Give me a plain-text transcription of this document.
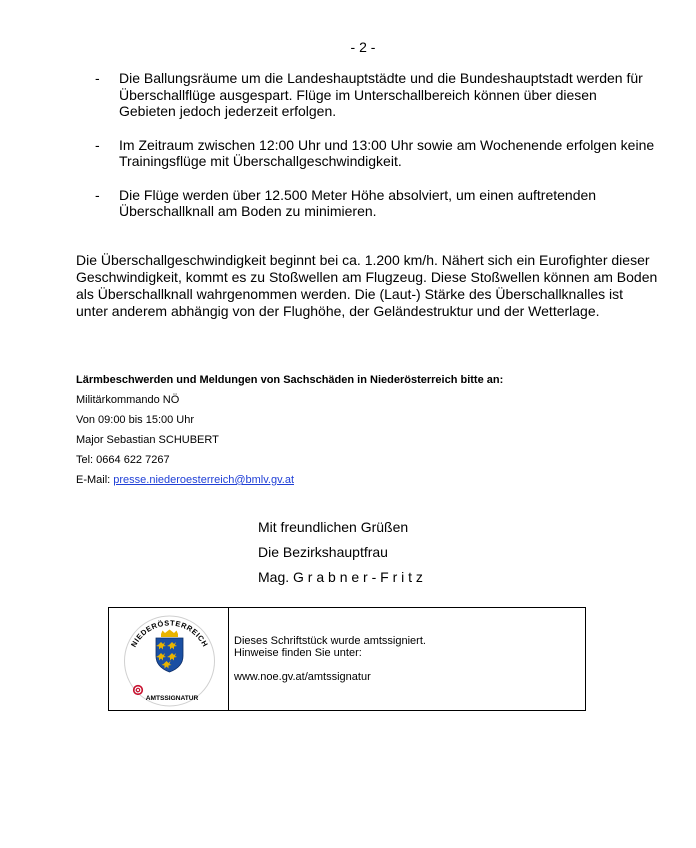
- 2 -
-	Die Ballungsräume um die Landeshauptstädte und die Bundeshauptstadt werden für Überschallflüge ausgespart. Flüge im Unterschallbereich können über diesen Gebieten jedoch jederzeit erfolgen.
-	Im Zeitraum zwischen 12:00 Uhr und 13:00 Uhr sowie am Wochenende erfolgen keine Trainingsflüge mit Überschallgeschwindigkeit.
-	Die Flüge werden über 12.500 Meter Höhe absolviert, um einen auftretenden Überschallknall am Boden zu minimieren.

Die Überschallgeschwindigkeit beginnt bei ca. 1.200 km/h. Nähert sich ein Eurofighter dieser Geschwindigkeit, kommt es zu Stoßwellen am Flugzeug. Diese Stoßwellen können am Boden als Überschallknall wahrgenommen werden. Die (Laut-) Stärke des Überschallknalles ist unter anderem abhängig von der Flughöhe, der Geländestruktur und der Wetterlage.

Lärmbeschwerden und Meldungen von Sachschäden in Niederösterreich bitte an:
Militärkommando NÖ
Von 09:00 bis 15:00 Uhr
Major Sebastian SCHUBERT
Tel: 0664 622 7267
E-Mail: presse.niederoesterreich@bmlv.gv.at
Mit freundlichen Grüßen
Die Bezirkshauptfrau
Mag. G r a b n e r - F r i t z
NIEDERÖSTERREICH
AMTSSIGNATUR
Dieses Schriftstück wurde amtssigniert.
Hinweise finden Sie unter:
www.noe.gv.at/amtssignatur
